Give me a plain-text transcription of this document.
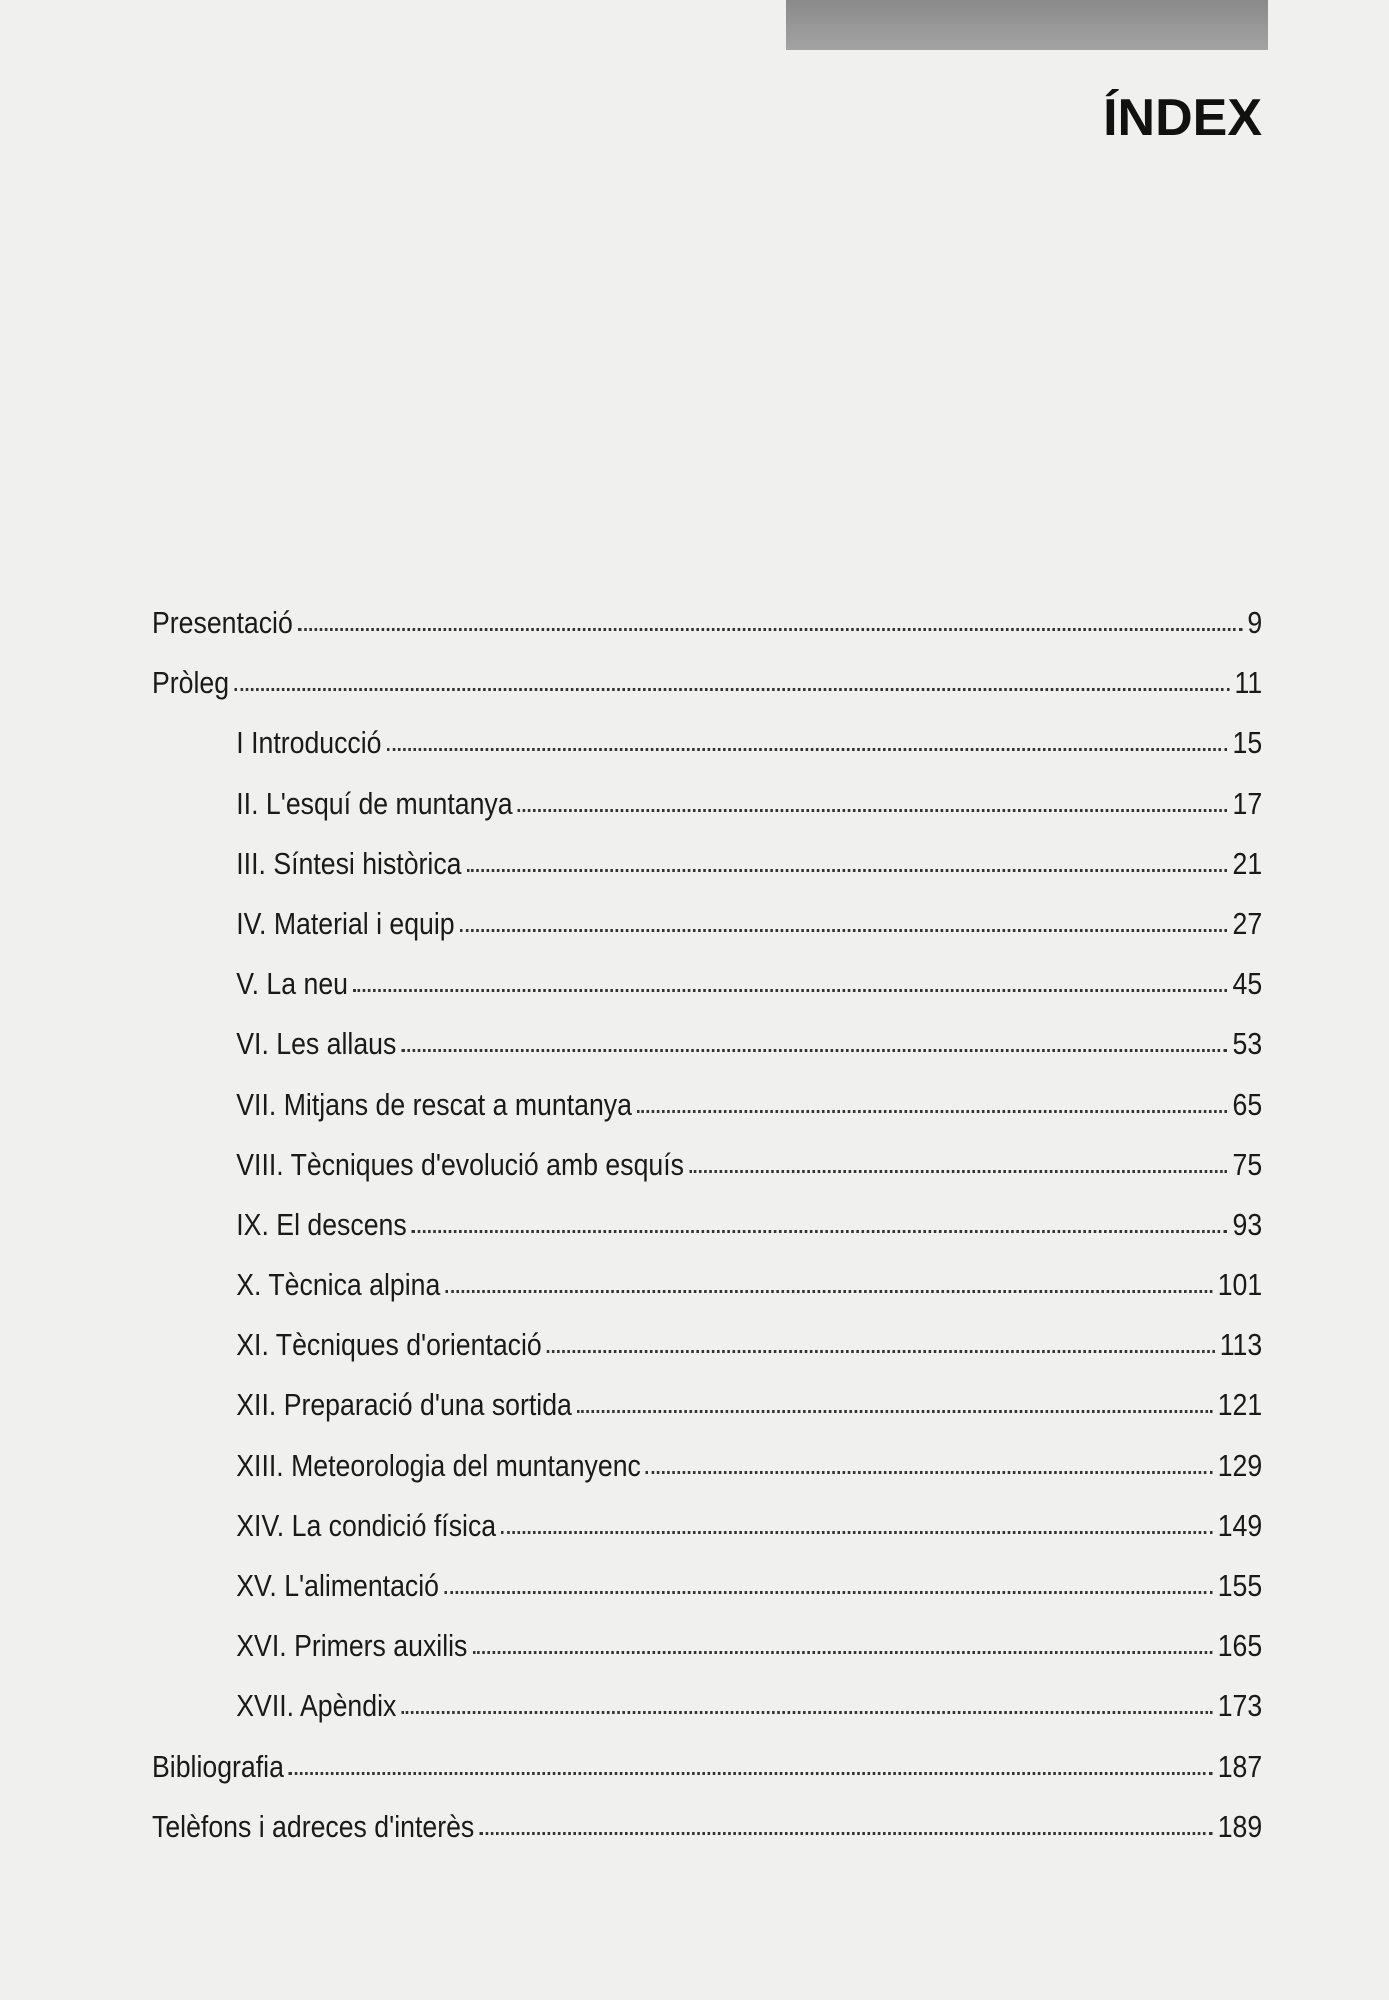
ÍNDEX
Presentació	9
Pròleg	11
I Introducció	15
II. L'esquí de muntanya	17
III. Síntesi històrica	21
IV. Material i equip	27
V. La neu	45
VI. Les allaus	53
VII. Mitjans de rescat a muntanya	65
VIII. Tècniques d'evolució amb esquís	75
IX. El descens	93
X. Tècnica alpina	101
XI. Tècniques d'orientació	113
XII. Preparació d'una sortida	121
XIII. Meteorologia del muntanyenc	129
XIV. La condició física	149
XV. L'alimentació	155
XVI. Primers auxilis	165
XVII. Apèndix	173
Bibliografia	187
Telèfons i adreces d'interès	189
